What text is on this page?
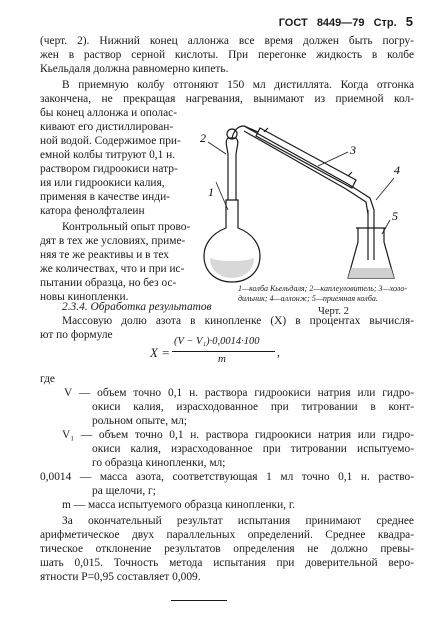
ГОСТ 8449—79 Стр. 5
(черт. 2). Нижний конец аллонжа все время должен быть погру-
жен в раствор серной кислоты. При перегонке жидкость в колбе
Кьельдаля должна равномерно кипеть.
В приемную колбу отгоняют 150 мл дистиллята. Когда отгонка
закончена, не прекращая нагревания, вынимают из приемной кол-
бы конец аллонжа и ополас-
кивают его дистиллирован-
ной водой. Содержимое при-
емной колбы титруют 0,1 н.
раствором гидроокиси натр-
ия или гидроокиси калия,
применяя в качестве инди-
катора фенолфталеин
Контрольный опыт прово-
дят в тех же условиях, приме-
няя те же реактивы и в тех
же количествах, что и при ис-
пытании образца, но без ос-
новы кинопленки.
1
2
3
4
5
1—колба Кьельдаля; 2—каплеуловитель; 3—холо-
дильник; 4—аллонж; 5—приемная колба.
Черт. 2
2.3.4. Обработка результатов
Массовую долю азота в кинопленке (X) в процентах вычисля-
ют по формуле
X =
(V − V₁)·0,0014·100
m	,
где
V — объем точно 0,1 н. раствора гидроокиси натрия или гидро-
окиси калия, израсходованное при титровании в конт-
рольном опыте, мл;
V₁ — объем точно 0,1 н. раствора гидроокиси натрия или гидро-
окиси калия, израсходованное при титровании испытуемо-
го образца кинопленки, мл;
0,0014 — масса азота, соответствующая 1 мл точно 0,1 н. раство-
ра щелочи, г;
m — масса испытуемого образца кинопленки, г.
За окончательный результат испытания принимают среднее
арифметическое двух параллельных определений. Среднее квадра-
тическое отклонение результатов определения не должно превы-
шать 0,015. Точность метода испытания при доверительной веро-
ятности P=0,95 составляет 0,009.
